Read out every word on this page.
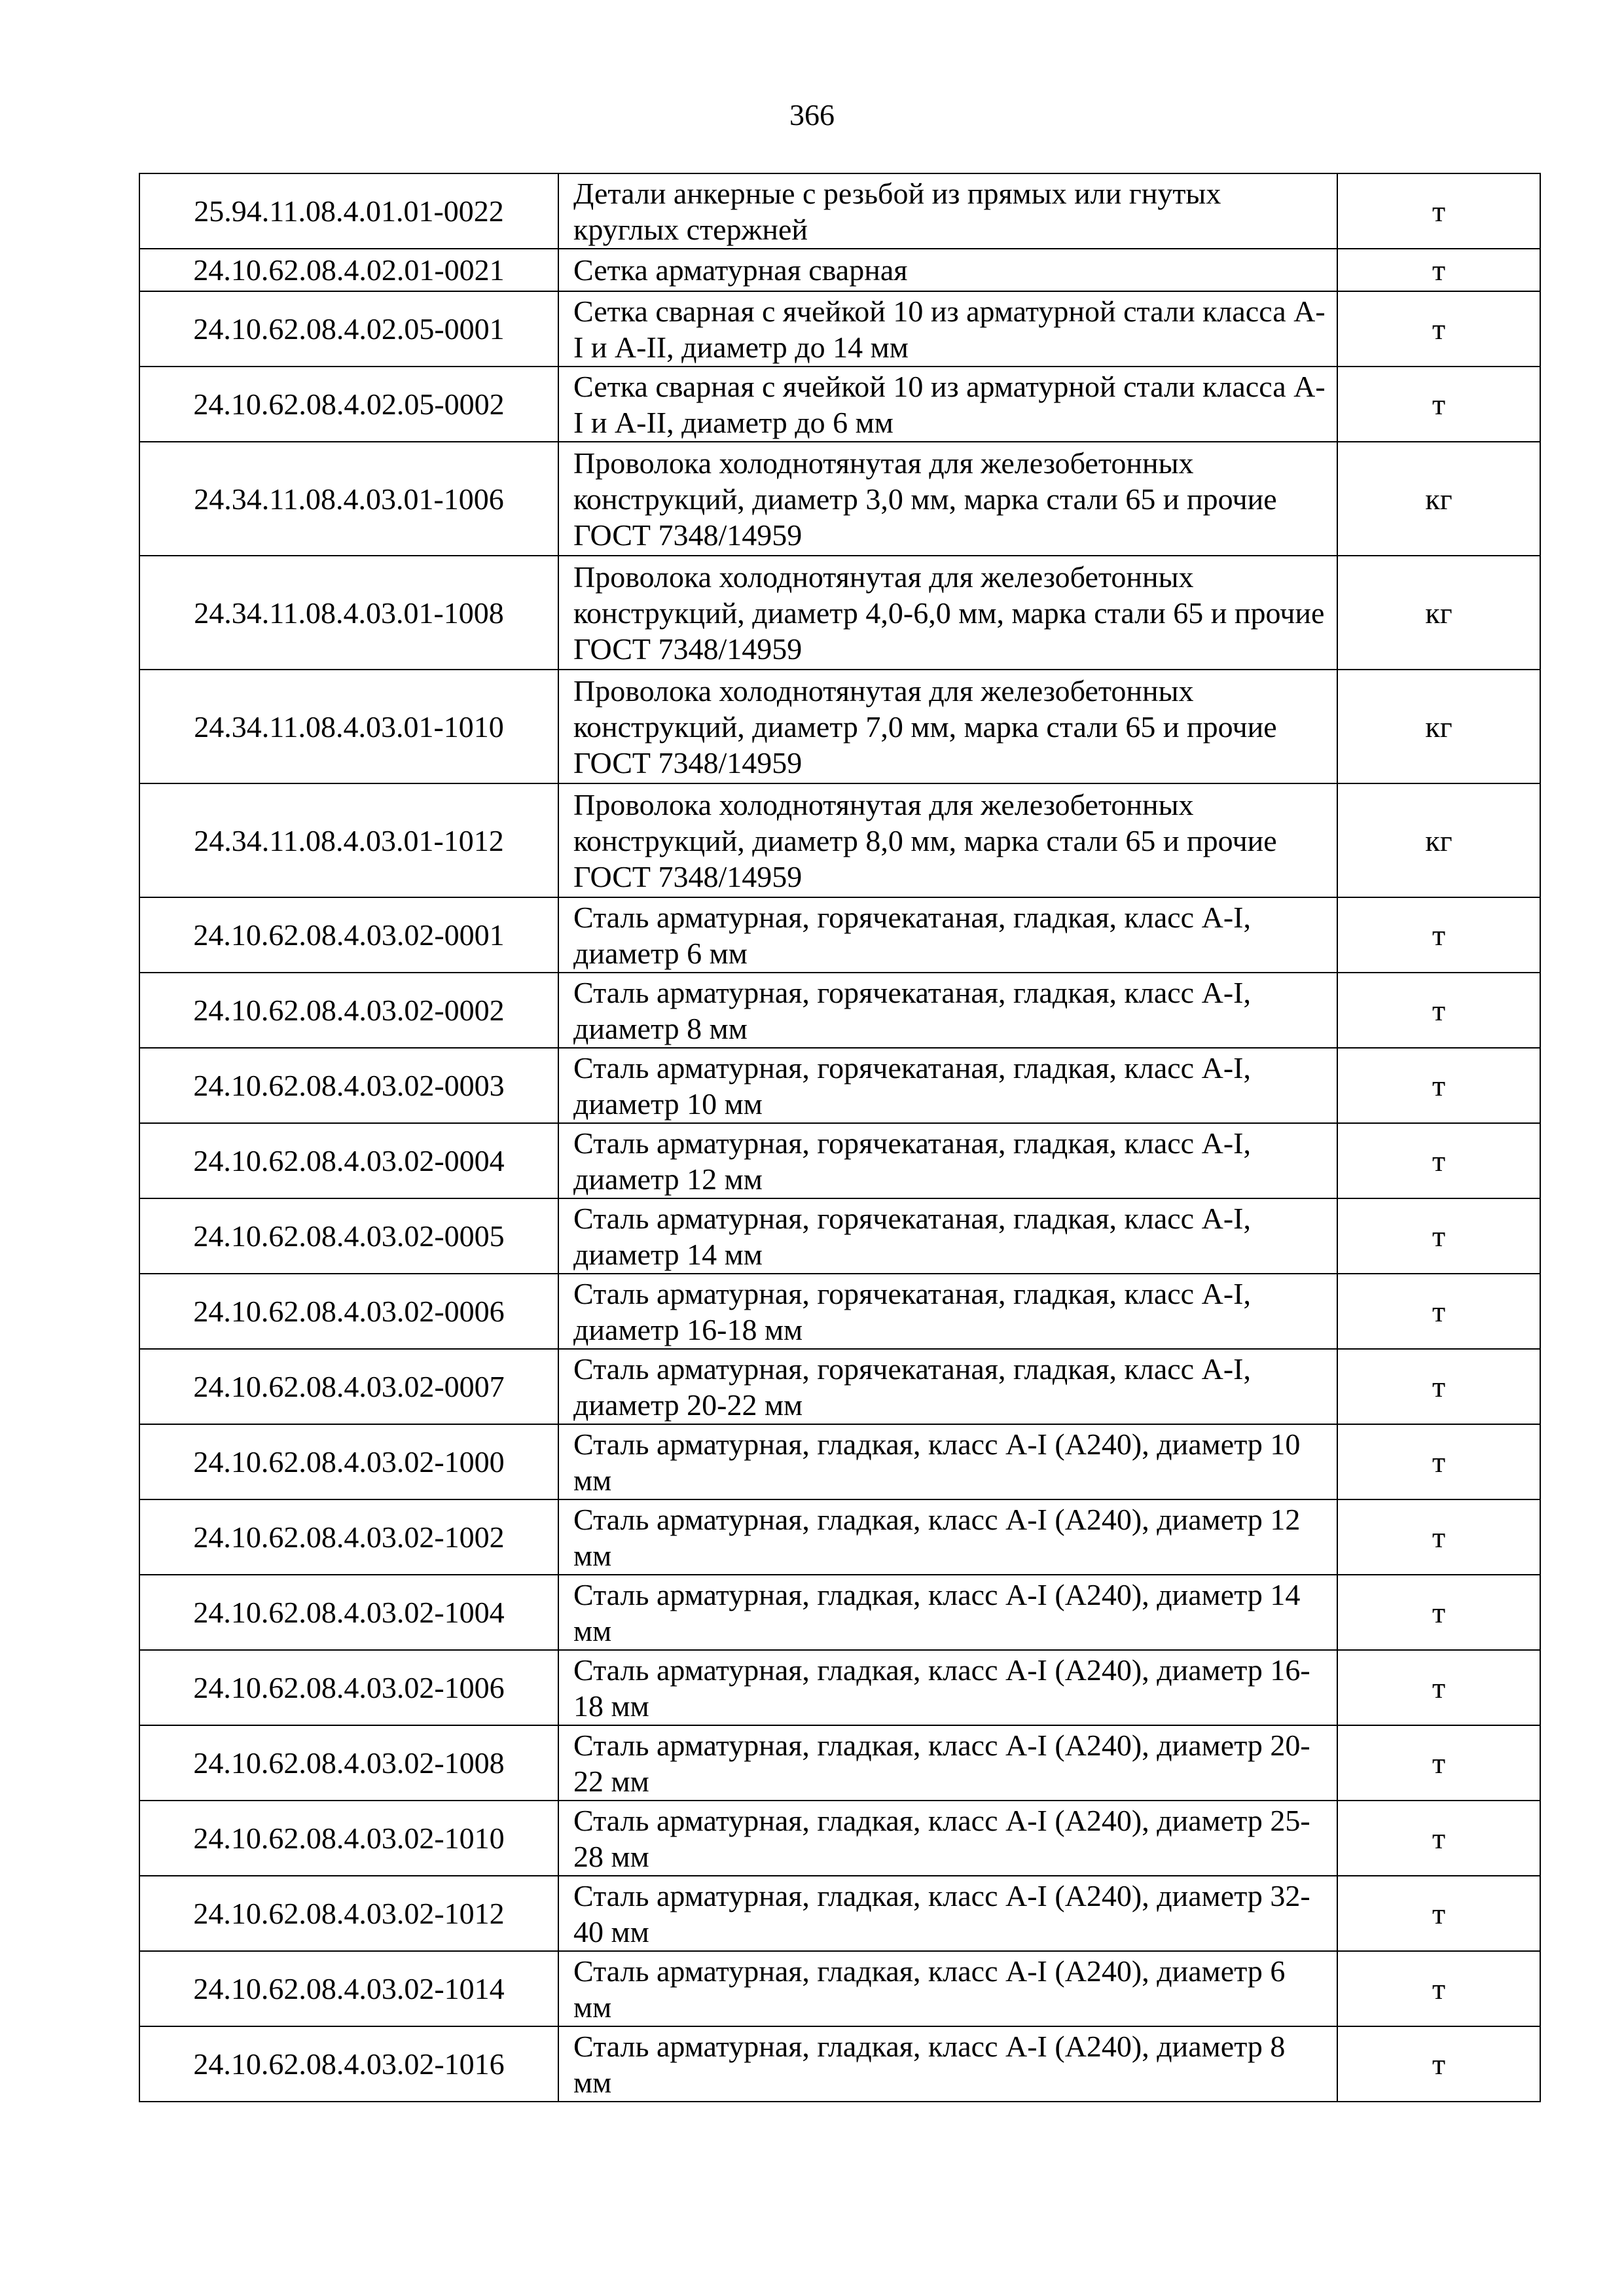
366
25.94.11.08.4.01.01-0022	Детали анкерные с резьбой из прямых или гнутых круглых стержней	т
24.10.62.08.4.02.01-0021	Сетка арматурная сварная	т
24.10.62.08.4.02.05-0001	Сетка сварная с ячейкой 10 из арматурной стали класса А-I и А-II, диаметр до 14 мм	т
24.10.62.08.4.02.05-0002	Сетка сварная с ячейкой 10 из арматурной стали класса А-I и А-II, диаметр до 6 мм	т
24.34.11.08.4.03.01-1006	Проволока холоднотянутая для железобетонных конструкций, диаметр 3,0 мм, марка стали 65 и прочие ГОСТ 7348/14959	кг
24.34.11.08.4.03.01-1008	Проволока холоднотянутая для железобетонных конструкций, диаметр 4,0-6,0 мм, марка стали 65 и прочие ГОСТ 7348/14959	кг
24.34.11.08.4.03.01-1010	Проволока холоднотянутая для железобетонных конструкций, диаметр 7,0 мм, марка стали 65 и прочие ГОСТ 7348/14959	кг
24.34.11.08.4.03.01-1012	Проволока холоднотянутая для железобетонных конструкций, диаметр 8,0 мм, марка стали 65 и прочие ГОСТ 7348/14959	кг
24.10.62.08.4.03.02-0001	Сталь арматурная, горячекатаная, гладкая, класс А-I, диаметр 6 мм	т
24.10.62.08.4.03.02-0002	Сталь арматурная, горячекатаная, гладкая, класс А-I, диаметр 8 мм	т
24.10.62.08.4.03.02-0003	Сталь арматурная, горячекатаная, гладкая, класс А-I, диаметр 10 мм	т
24.10.62.08.4.03.02-0004	Сталь арматурная, горячекатаная, гладкая, класс А-I, диаметр 12 мм	т
24.10.62.08.4.03.02-0005	Сталь арматурная, горячекатаная, гладкая, класс А-I, диаметр 14 мм	т
24.10.62.08.4.03.02-0006	Сталь арматурная, горячекатаная, гладкая, класс А-I, диаметр 16-18 мм	т
24.10.62.08.4.03.02-0007	Сталь арматурная, горячекатаная, гладкая, класс А-I, диаметр 20-22 мм	т
24.10.62.08.4.03.02-1000	Сталь арматурная, гладкая, класс А-I (А240), диаметр 10 мм	т
24.10.62.08.4.03.02-1002	Сталь арматурная, гладкая, класс А-I (А240), диаметр 12 мм	т
24.10.62.08.4.03.02-1004	Сталь арматурная, гладкая, класс А-I (А240), диаметр 14 мм	т
24.10.62.08.4.03.02-1006	Сталь арматурная, гладкая, класс А-I (А240), диаметр 16-18 мм	т
24.10.62.08.4.03.02-1008	Сталь арматурная, гладкая, класс А-I (А240), диаметр 20-22 мм	т
24.10.62.08.4.03.02-1010	Сталь арматурная, гладкая, класс А-I (А240), диаметр 25-28 мм	т
24.10.62.08.4.03.02-1012	Сталь арматурная, гладкая, класс А-I (А240), диаметр 32-40 мм	т
24.10.62.08.4.03.02-1014	Сталь арматурная, гладкая, класс А-I (А240), диаметр 6 мм	т
24.10.62.08.4.03.02-1016	Сталь арматурная, гладкая, класс А-I (А240), диаметр 8 мм	т
